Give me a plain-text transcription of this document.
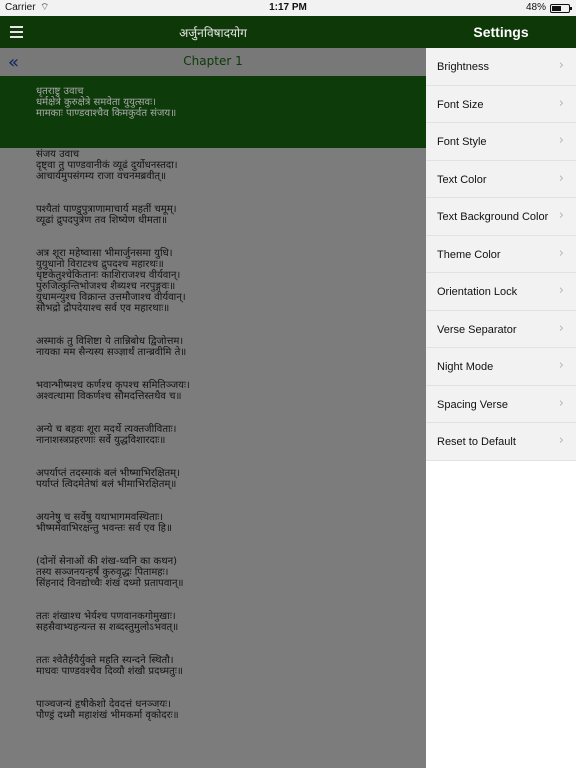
Carrier ⌔	1:17 PM	48%
अर्जुनविषादयोग
«	Chapter 1
धृतराष्ट्र उवाच
धर्मक्षेत्रे कुरुक्षेत्रे समवेता युयुत्सवः।
मामकाः पाण्डवाश्चैव किमकुर्वत संजय॥
संजय उवाच
दृष्ट्वा तु पाण्डवानीकं व्यूढं दुर्योधनस्तदा।
आचार्यमुपसंगम्य राजा वचनमब्रवीत्॥
पश्यैतां पाण्डुपुत्राणामाचार्य महतीं चमूम्।
व्यूढां द्रुपदपुत्रेण तव शिष्येण धीमता॥
अत्र शूरा महेष्वासा भीमार्जुनसमा युधि।
युयुधानो विराटश्च द्रुपदश्च महारथः॥
धृष्टकेतुश्चेकितानः काशिराजश्च वीर्यवान्।
पुरुजित्कुन्तिभोजश्च शैब्यश्च नरपुङ्गवः॥
युधामन्युश्च विक्रान्त उत्तमौजाश्च वीर्यवान्।
सौभद्रो द्रौपदेयाश्च सर्व एव महारथाः॥
अस्माकं तु विशिष्टा ये तान्निबोध द्विजोत्तम।
नायका मम सैन्यस्य सञ्ज्ञार्थं तान्ब्रवीमि ते॥
भवान्भीष्मश्च कर्णश्च कृपश्च समितिञ्जयः।
अश्वत्थामा विकर्णश्च सौमदत्तिस्तथैव च॥
अन्ये च बहवः शूरा मदर्थे त्यक्तजीविताः।
नानाशस्त्रप्रहरणाः सर्वे युद्धविशारदाः॥
अपर्याप्तं तदस्माकं बलं भीष्माभिरक्षितम्।
पर्याप्तं त्विदमेतेषां बलं भीमाभिरक्षितम्॥
अयनेषु च सर्वेषु यथाभागमवस्थिताः।
भीष्ममेवाभिरक्षन्तु भवन्तः सर्व एव हि॥
(दोनों सेनाओं की शंख-ध्वनि का कथन)
तस्य सञ्जनयन्हर्षं कुरुवृद्धः पितामहः।
सिंहनादं विनद्योच्चैः शंखं दध्मो प्रतापवान्॥
ततः शंखाश्च भेर्यश्च पणवानकगोमुखाः।
सहसैवाभ्यहन्यन्त स शब्दस्तुमुलोऽभवत्॥
ततः श्वेतैर्हयैर्युक्ते महति स्यन्दने स्थितौ।
माधवः पाण्डवश्चैव दिव्यौ शंखौ प्रदध्मतुः॥
पाञ्चजन्यं हृषीकेशो देवदत्तं धनञ्जयः।
पौण्ड्रं दध्मौ महाशंखं भीमकर्मा वृकोदरः॥
Settings
Brightness	›
Font Size	›
Font Style	›
Text Color	›
Text Background Color ›
Theme Color	›
Orientation Lock	›
Verse Separator	›
Night Mode	›
Spacing Verse	›
Reset to Default	›
